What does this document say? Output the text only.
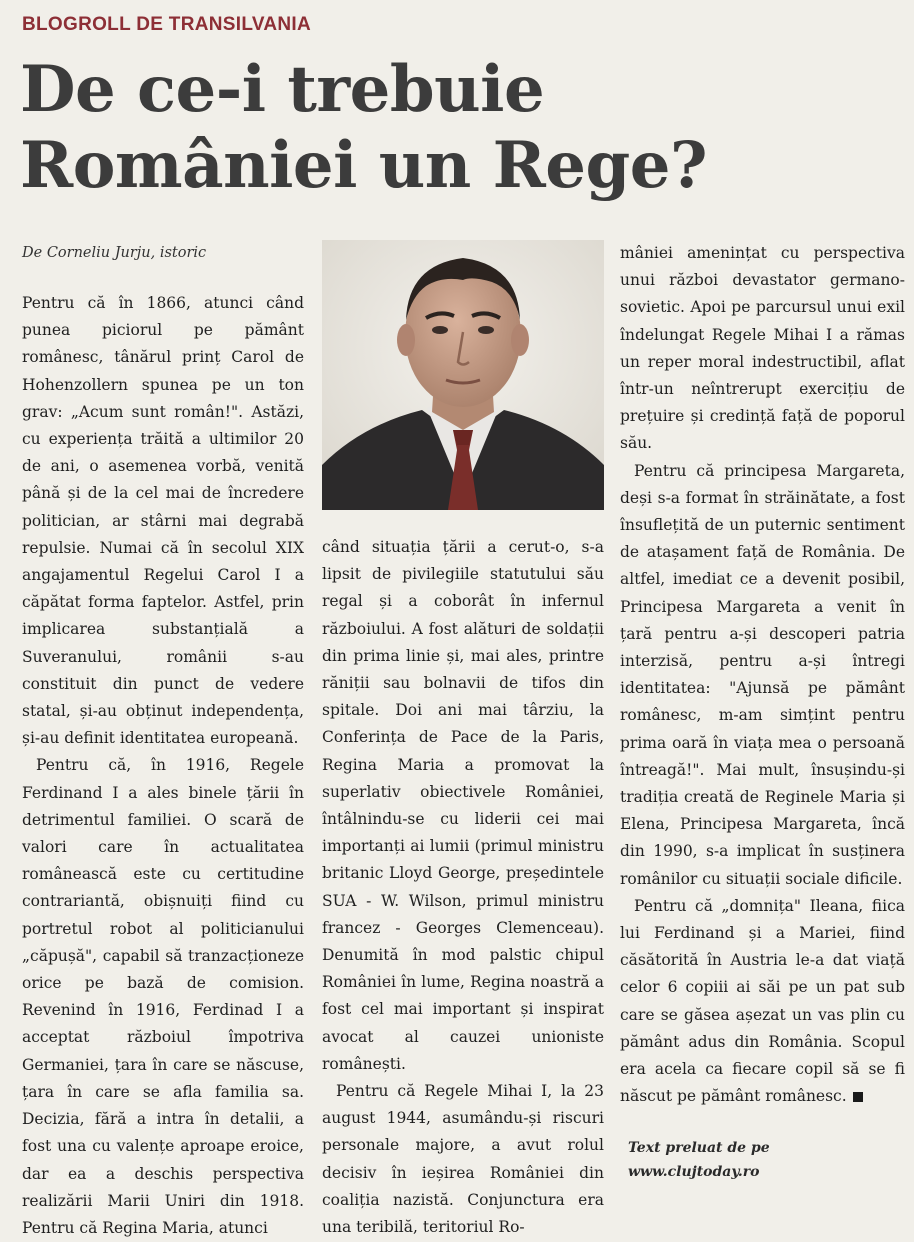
BLOGROLL DE TRANSILVANIA
De ce-i trebuie
României un Rege?
De Corneliu Jurju, istoric

Pentru că în 1866, atunci când punea piciorul pe pământ românesc, tânărul prinț Carol de Hohenzollern spunea pe un ton grav: „Acum sunt român!". Astăzi, cu experiența trăită a ultimilor 20 de ani, o asemenea vorbă, venită până și de la cel mai de încredere politician, ar stârni mai degrabă repulsie. Numai că în secolul XIX angajamentul Regelui Carol I a căpătat forma faptelor. Astfel, prin implicarea substanțială a Suveranului, românii s-au constituit din punct de vedere statal, și-au obținut independența, și-au definit identitatea europeană.

Pentru că, în 1916, Regele Ferdinand I a ales binele țării în detrimentul familiei. O scară de valori care în actualitatea românească este cu certitudine contrariantă, obișnuiți fiind cu portretul robot al politicianului „căpușă", capabil să tranzacționeze orice pe bază de comision. Revenind în 1916, Ferdinad I a acceptat războiul împotriva Germaniei, țara în care se născuse, țara în care se afla familia sa. Decizia, fără a intra în detalii, a fost una cu valențe aproape eroice, dar ea a deschis perspectiva realizării Marii Uniri din 1918. Pentru că Regina Maria, atunci

când situația țării a cerut-o, s-a lipsit de pivilegiile statutului său regal și a coborât în infernul războiului. A fost alături de soldații din prima linie și, mai ales, printre răniții sau bolnavii de tifos din spitale. Doi ani mai târziu, la Conferința de Pace de la Paris, Regina Maria a promovat la superlativ obiectivele României, întâlnindu-se cu liderii cei mai importanți ai lumii (primul ministru britanic Lloyd George, președintele SUA - W. Wilson, primul ministru francez - Georges Clemenceau). Denumită în mod palstic chipul României în lume, Regina noastră a fost cel mai important și inspirat avocat al cauzei unioniste românești.

Pentru că Regele Mihai I, la 23 august 1944, asumându-și riscuri personale majore, a avut rolul decisiv în ieșirea României din coaliția nazistă. Conjunctura era una teribilă, teritoriul Ro-

mâniei amenințat cu perspectiva unui război devastator germano-sovietic. Apoi pe parcursul unui exil îndelungat Regele Mihai I a rămas un reper moral indestructibil, aflat într-un neîntrerupt exercițiu de prețuire și credință față de poporul său.

Pentru că principesa Margareta, deși s-a format în străinătate, a fost însuflețită de un puternic sentiment de atașament față de România. De altfel, imediat ce a devenit posibil, Principesa Margareta a venit în țară pentru a-și descoperi patria interzisă, pentru a-și întregi identitatea: "Ajunsă pe pământ românesc, m-am simțint pentru prima oară în viața mea o persoană întreagă!". Mai mult, însușindu-și tradiția creată de Reginele Maria și Elena, Principesa Margareta, încă din 1990, s-a implicat în susținera românilor cu situații sociale dificile.

Pentru că „domnița" Ileana, fiica lui Ferdinand și a Mariei, fiind căsătorită în Austria le-a dat viață celor 6 copiii ai săi pe un pat sub care se găsea așezat un vas plin cu pământ adus din România. Scopul era acela ca fiecare copil să se fi născut pe pământ românesc.

Text preluat de pe
www.clujtoday.ro
